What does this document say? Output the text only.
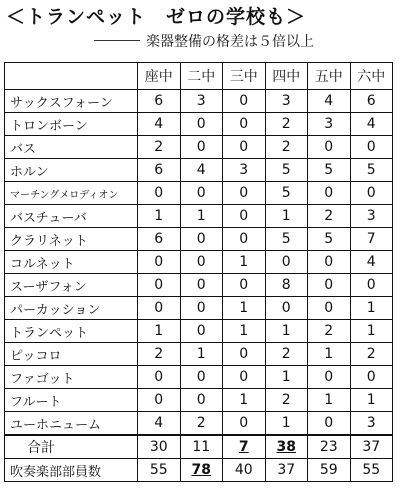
＜トランペット　ゼロの学校も＞
楽器整備の格差は５倍以上
	座中	二中	三中	四中	五中	六中
サックスフォーン	6	3	0	3	4	6
トロンボーン	4	0	0	2	3	4
バス	2	0	0	2	0	0
ホルン	6	4	3	5	5	5
マーチングメロディオン	0	0	0	5	0	0
バスチューバ	1	1	0	1	2	3
クラリネット	6	0	0	5	5	7
コルネット	0	0	1	0	0	4
スーザフォン	0	0	0	8	0	0
パーカッション	0	0	1	0	0	1
トランペット	1	0	1	1	2	1
ピッコロ	2	1	0	2	1	2
ファゴット	0	0	0	1	0	0
フルート	0	0	1	2	1	1
ユーホニューム	4	2	0	1	0	3
合計	30	11	7	38	23	37
吹奏楽部部員数	55	78	40	37	59	55
